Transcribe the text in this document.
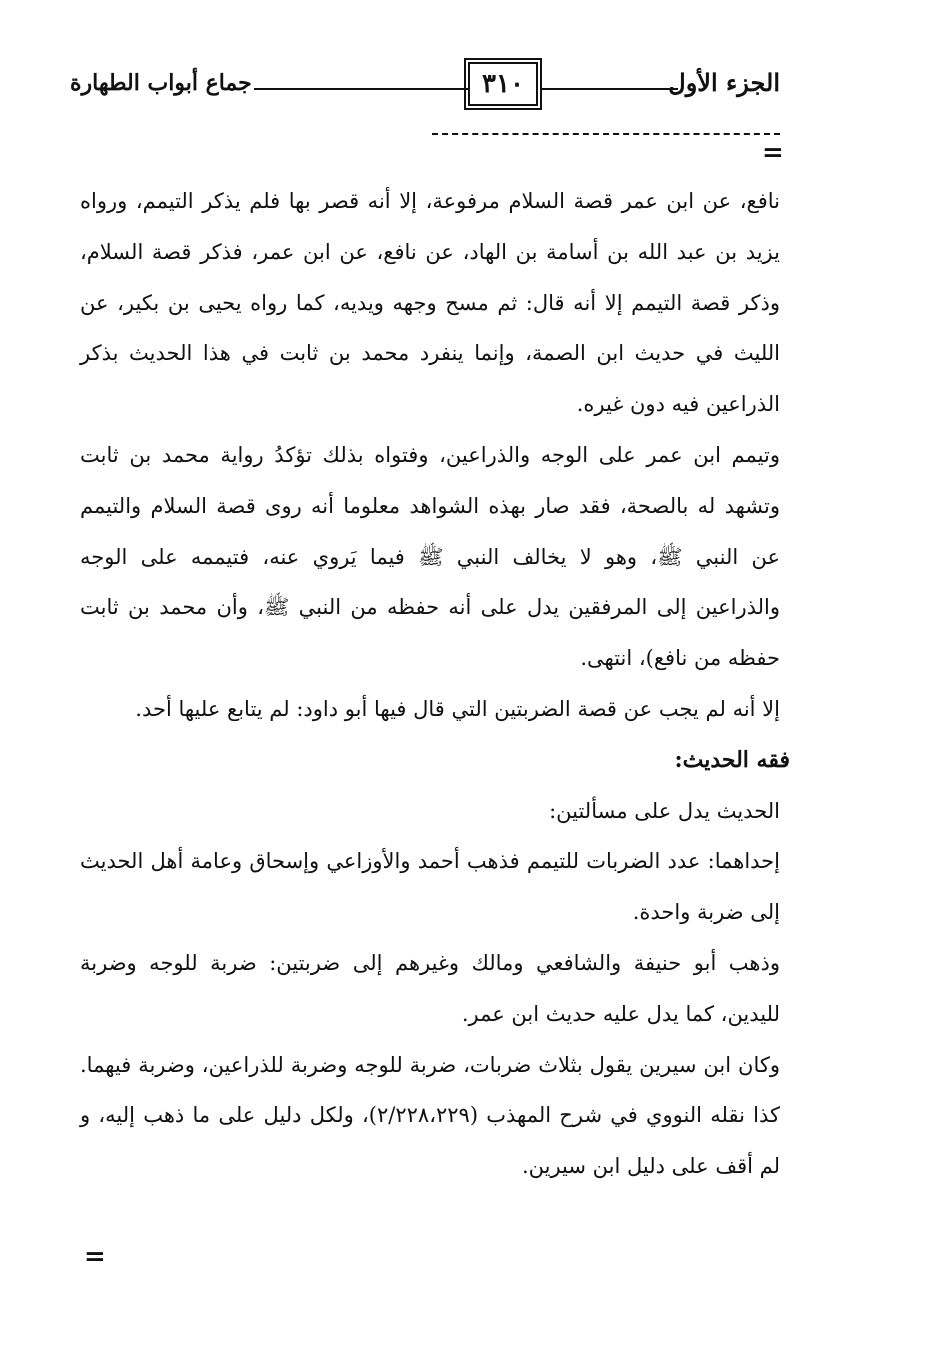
الجزء الأول
٣١٠
جماع أبواب الطهارة
=

نافع، عن ابن عمر قصة السلام مرفوعة، إلا أنه قصر بها فلم يذكر التيمم، ورواه يزيد بن عبد الله بن أسامة بن الهاد، عن نافع، عن ابن عمر، فذكر قصة السلام، وذكر قصة التيمم إلا أنه قال: ثم مسح وجهه ويديه، كما رواه يحيى بن بكير، عن الليث في حديث ابن الصمة، وإنما ينفرد محمد بن ثابت في هذا الحديث بذكر الذراعين فيه دون غيره.

وتيمم ابن عمر على الوجه والذراعين، وفتواه بذلك تؤكدُ رواية محمد بن ثابت وتشهد له بالصحة، فقد صار بهذه الشواهد معلوما أنه روى قصة السلام والتيمم عن النبي ﷺ، وهو لا يخالف النبي ﷺ فيما يَروي عنه، فتيممه على الوجه والذراعين إلى المرفقين يدل على أنه حفظه من النبي ﷺ، وأن محمد بن ثابت حفظه من نافع)، انتهى.

إلا أنه لم يجب عن قصة الضربتين التي قال فيها أبو داود: لم يتابع عليها أحد.

فقه الحديث:

الحديث يدل على مسألتين:

إحداهما: عدد الضربات للتيمم فذهب أحمد والأوزاعي وإسحاق وعامة أهل الحديث إلى ضربة واحدة.

وذهب أبو حنيفة والشافعي ومالك وغيرهم إلى ضربتين: ضربة للوجه وضربة لليدين، كما يدل عليه حديث ابن عمر.

وكان ابن سيرين يقول بثلاث ضربات، ضربة للوجه وضربة للذراعين، وضربة فيهما. كذا نقله النووي في شرح المهذب (٢/٢٢٨،٢٢٩)، ولكل دليل على ما ذهب إليه، و لم أقف على دليل ابن سيرين.

=
